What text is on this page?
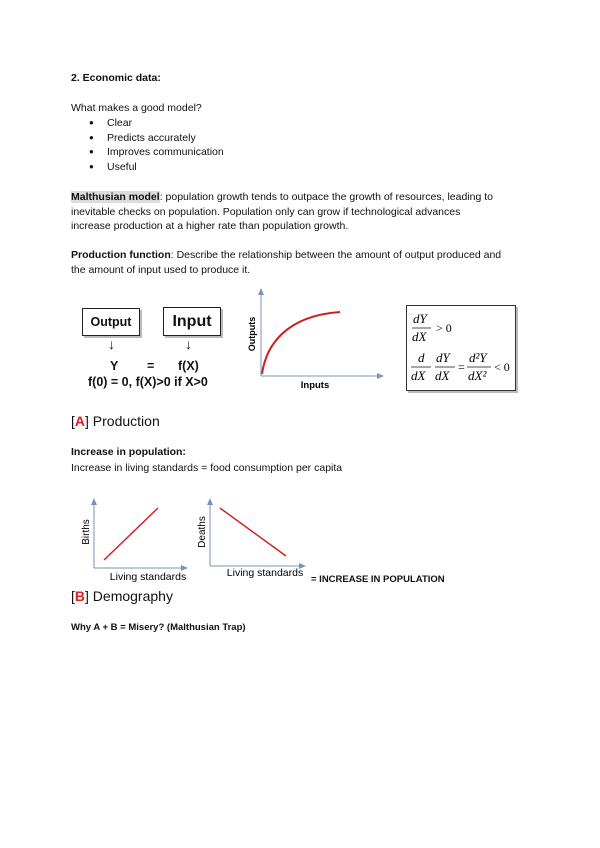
2. Economic data:
What makes a good model?
● Clear
● Predicts accurately
● Improves communication
● Useful
Malthusian model: population growth tends to outpace the growth of resources, leading to
inevitable checks on population. Population only can grow if technological advances
increase production at a higher rate than population growth.
Production function: Describe the relationship between the amount of output produced and
the amount of input used to produce it.
Output	Input
↓	↓
Y = f(X)
f(0) = 0, f(X)>0 if X>0
Outputs
Inputs
dY
dX
> 0
d
dX
dY
dX
=
d²Y
dX²
< 0
[A] Production
Increase in population:
Increase in living standards = food consumption per capita
Births
Living standards
Deaths
Living standards
= INCREASE IN POPULATION
[B] Demography
Why A + B = Misery? (Malthusian Trap)
